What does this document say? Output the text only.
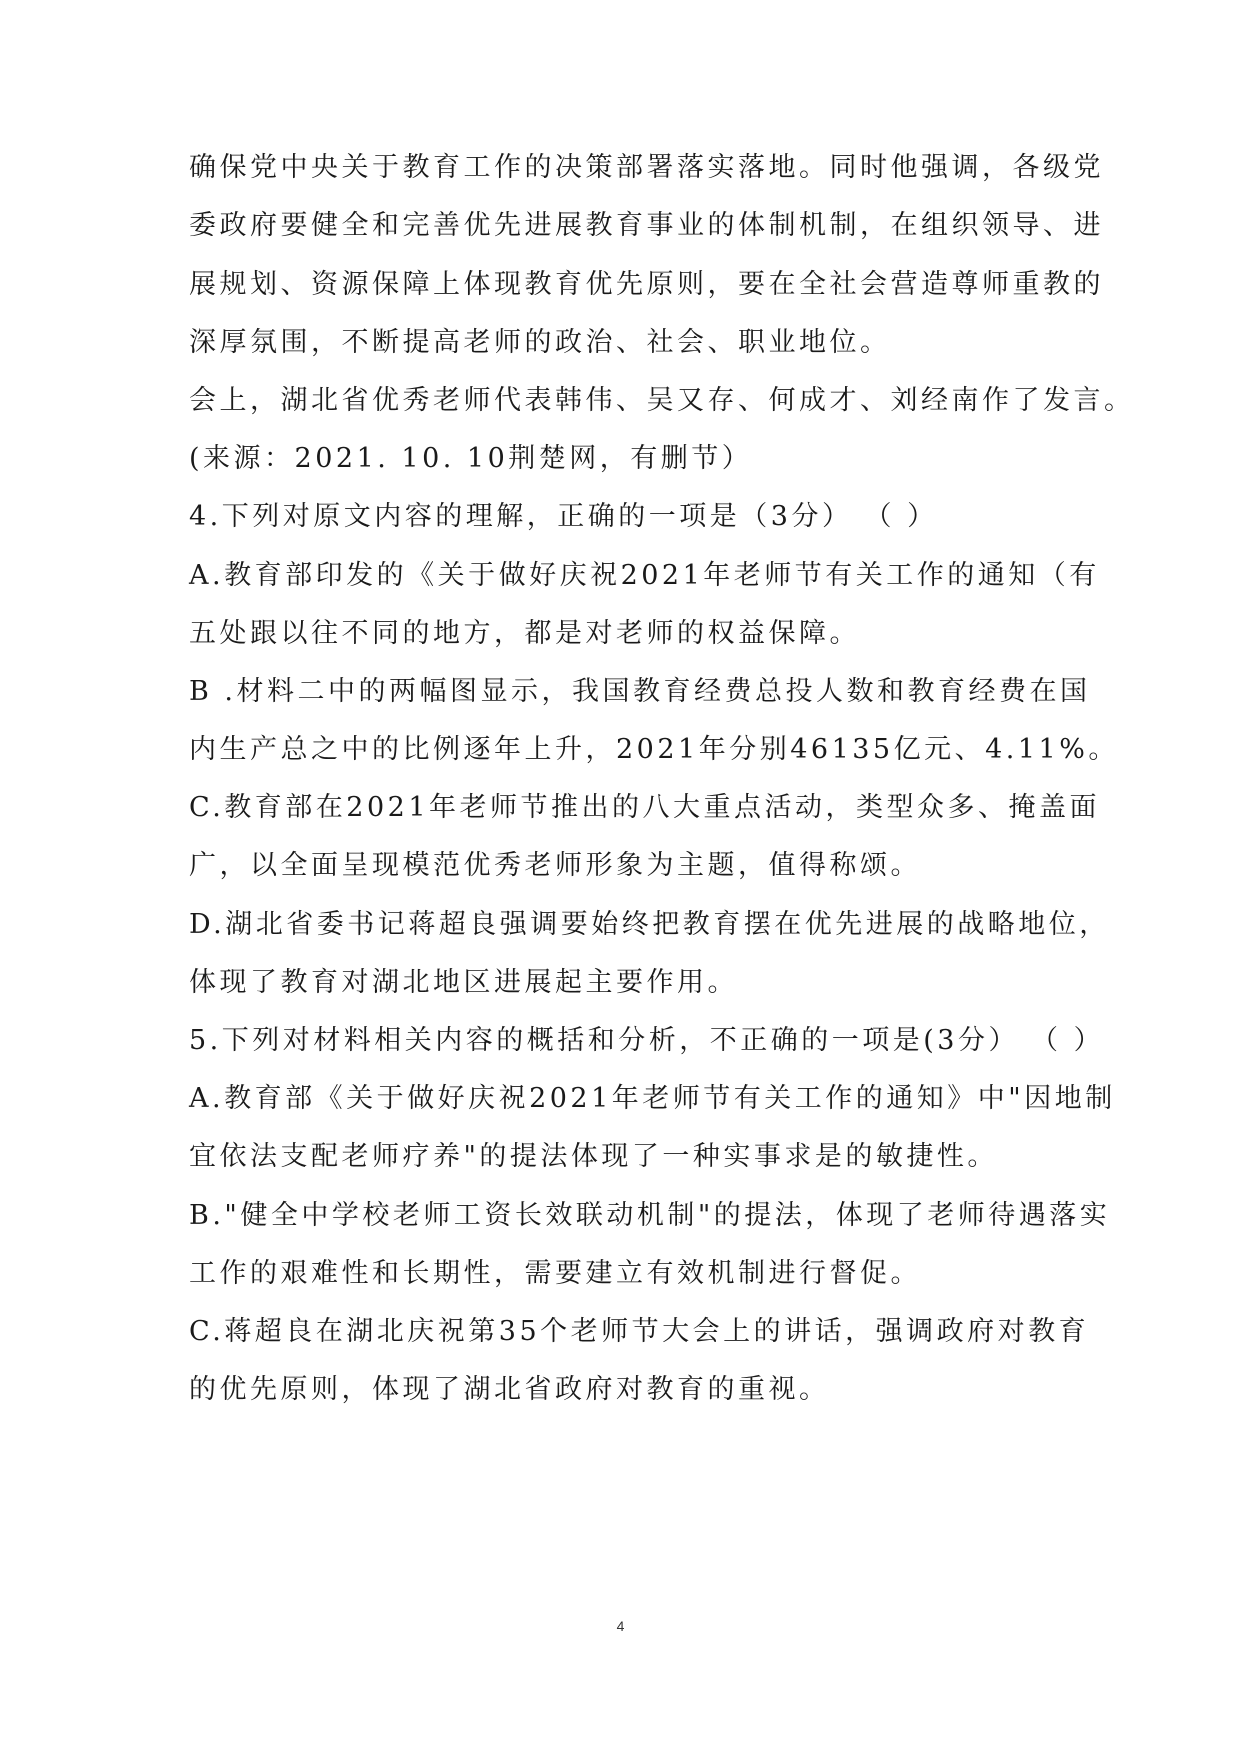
确保党中央关于教育工作的决策部署落实落地。同时他强调，各级党
委政府要健全和完善优先进展教育事业的体制机制，在组织领导、进
展规划、资源保障上体现教育优先原则，要在全社会营造尊师重教的
深厚氛围，不断提高老师的政治、社会、职业地位。
会上，湖北省优秀老师代表韩伟、吴又存、何成才、刘经南作了发言。
(来源：2021. 10. 10荆楚网，有删节）
4.下列对原文内容的理解，正确的一项是（3分） （ ）
A.教育部印发的《关于做好庆祝2021年老师节有关工作的通知（有
五处跟以往不同的地方，都是对老师的权益保障。
B .材料二中的两幅图显示，我国教育经费总投人数和教育经费在国
内生产总之中的比例逐年上升，2021年分别46135亿元、4.11%。
C.教育部在2021年老师节推出的八大重点活动，类型众多、掩盖面
广，以全面呈现模范优秀老师形象为主题，值得称颂。
D.湖北省委书记蒋超良强调要始终把教育摆在优先进展的战略地位，
体现了教育对湖北地区进展起主要作用。
5.下列对材料相关内容的概括和分析，不正确的一项是(3分） （ ）
A.教育部《关于做好庆祝2021年老师节有关工作的通知》中"因地制
宜依法支配老师疗养"的提法体现了一种实事求是的敏捷性。
B."健全中学校老师工资长效联动机制"的提法，体现了老师待遇落实
工作的艰难性和长期性，需要建立有效机制进行督促。
C.蒋超良在湖北庆祝第35个老师节大会上的讲话，强调政府对教育
的优先原则，体现了湖北省政府对教育的重视。
4
